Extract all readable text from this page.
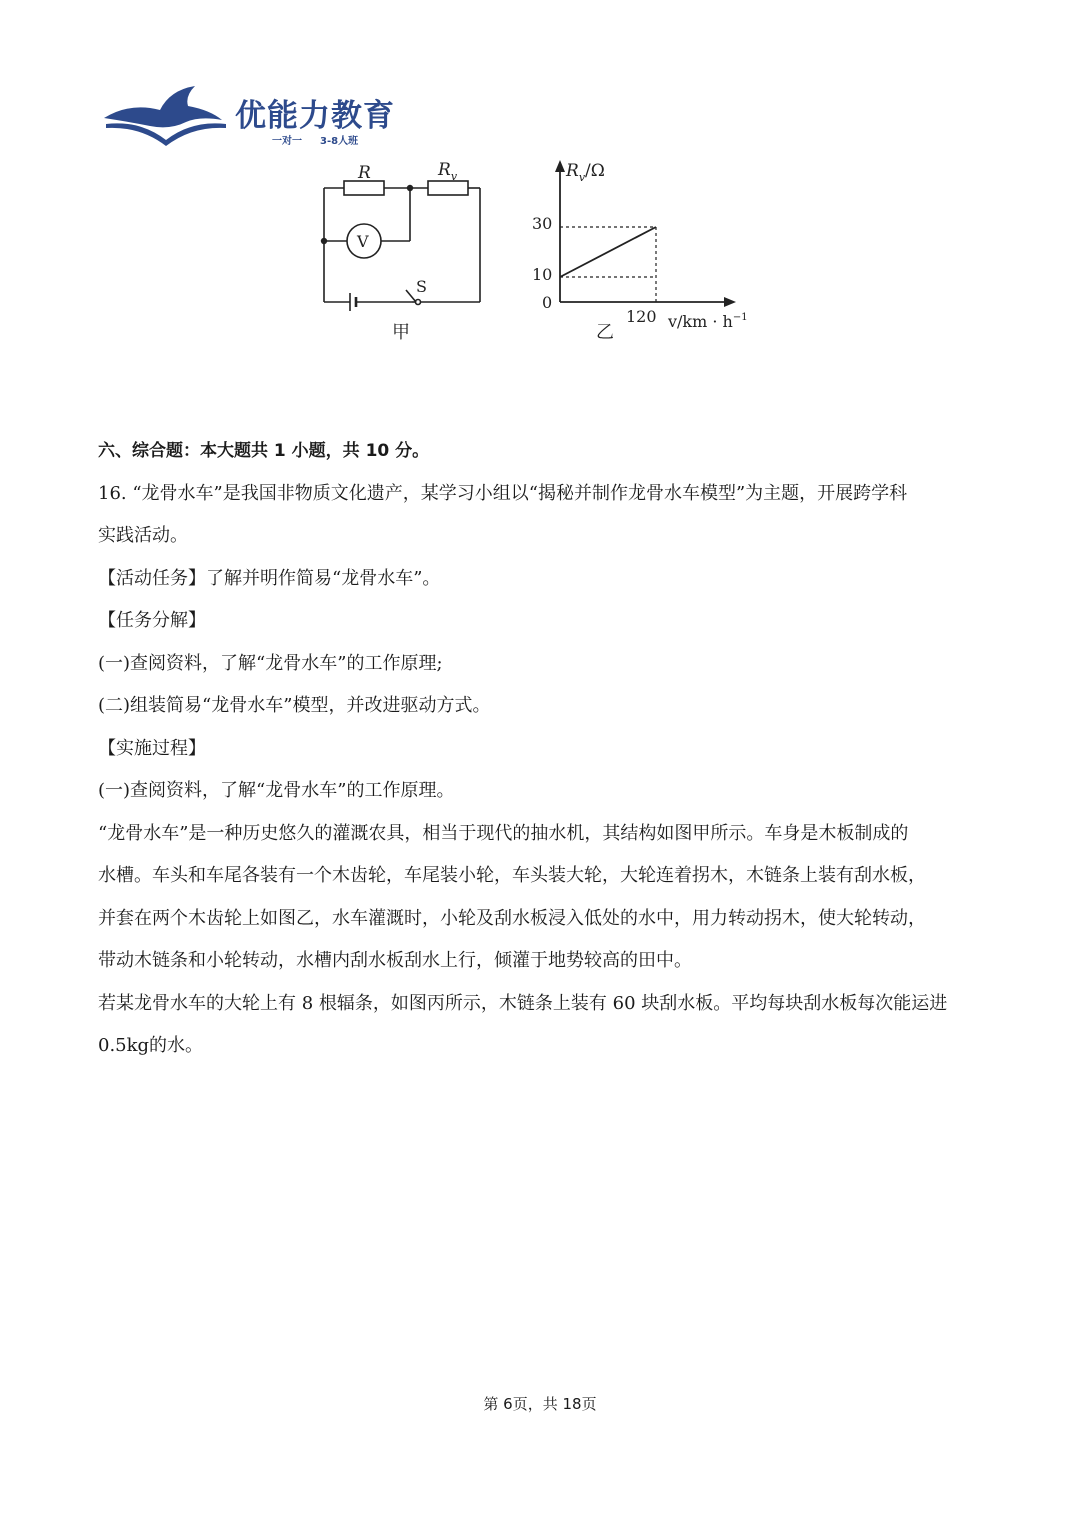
优能力教育
一对一 3-8人班
R	$R_v$
V
S
甲
$R_v/\Omega$
0
30
10
120 $v/km \cdot h^{-1}$
乙
六、综合题：本大题共 1 小题，共 10 分。
16. “龙骨水车”是我国非物质文化遗产，某学习小组以“揭秘并制作龙骨水车模型”为主题，开展跨学科
实践活动。
【活动任务】了解并明作简易“龙骨水车”。
【任务分解】
(一)查阅资料，了解“龙骨水车”的工作原理;
(二)组装简易“龙骨水车”模型，并改进驱动方式。
【实施过程】
(一)查阅资料，了解“龙骨水车”的工作原理。
“龙骨水车”是一种历史悠久的灌溉农具，相当于现代的抽水机，其结构如图甲所示。车身是木板制成的
水槽。车头和车尾各装有一个木齿轮，车尾装小轮，车头装大轮，大轮连着拐木，木链条上装有刮水板，
并套在两个木齿轮上如图乙，水车灌溉时，小轮及刮水板浸入低处的水中，用力转动拐木，使大轮转动，
带动木链条和小轮转动，水槽内刮水板刮水上行，倾灌于地势较高的田中。
若某龙骨水车的大轮上有 8 根辐条，如图丙所示，木链条上装有 60 块刮水板。平均每块刮水板每次能运进
0.5kg的水。
第 6页，共 18页
